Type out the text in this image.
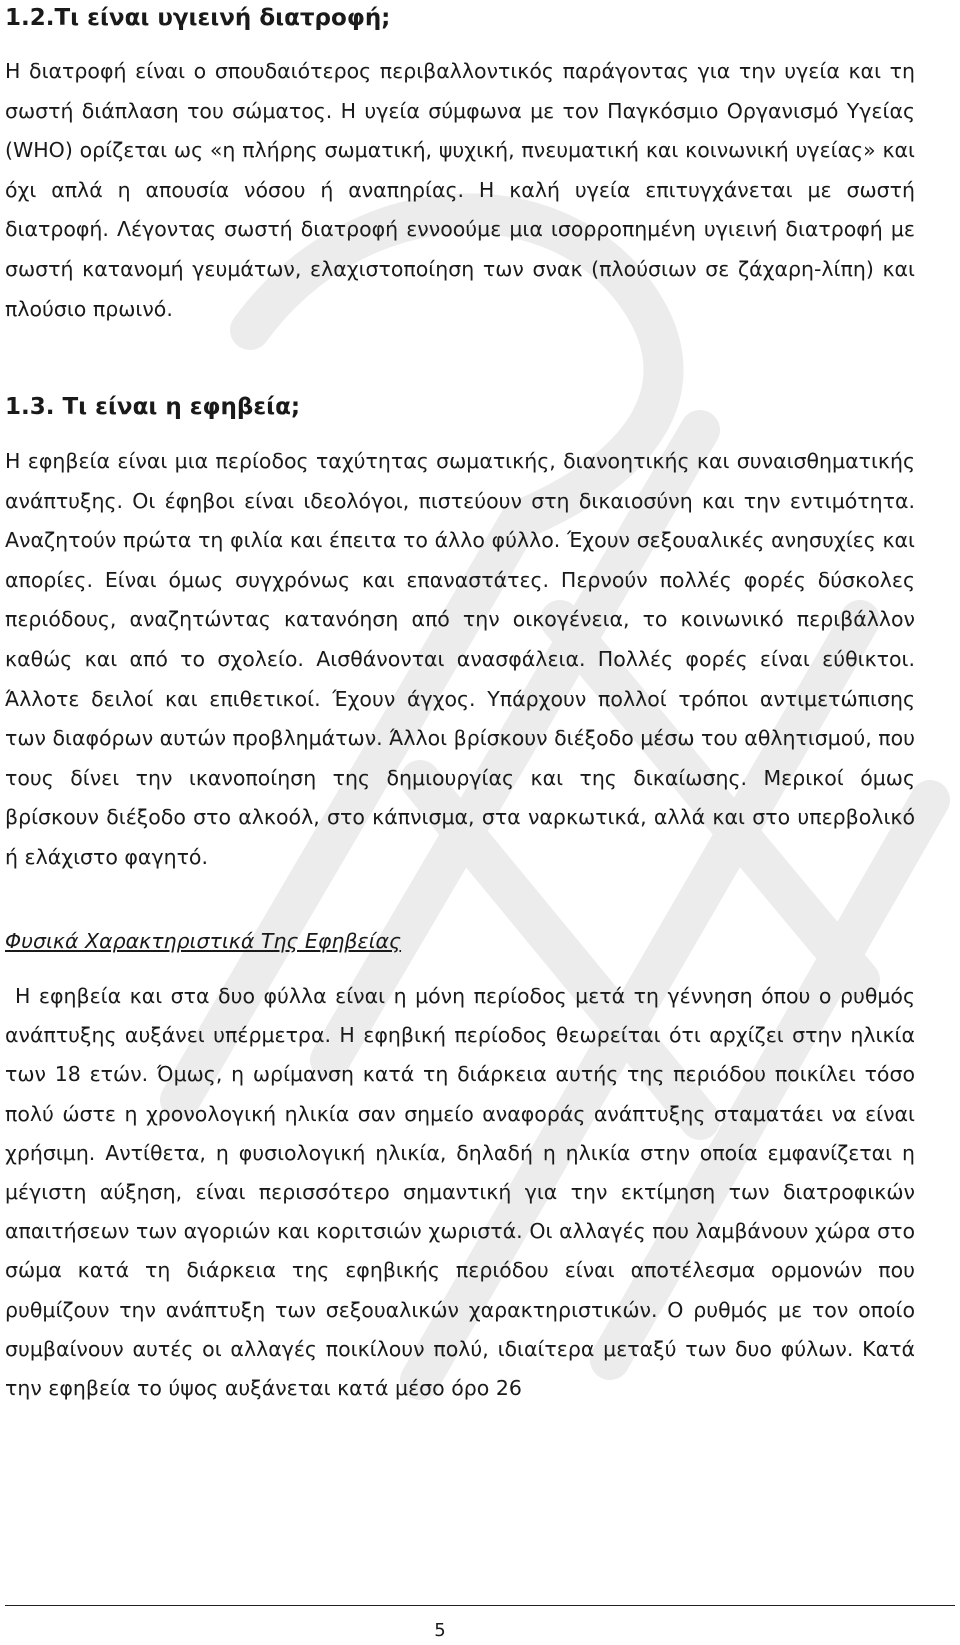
1.2.Τι είναι υγιεινή διατροφή;

Η διατροφή είναι ο σπουδαιότερος περιβαλλοντικός παράγοντας για την υγεία και τη σωστή διάπλαση του σώματος. Η υγεία σύμφωνα με τον Παγκόσμιο Οργανισμό Υγείας (WHO) ορίζεται ως «η πλήρης σωματική, ψυχική, πνευματική και κοινωνική υγείας» και όχι απλά η απουσία νόσου ή αναπηρίας. Η καλή υγεία επιτυγχάνεται με σωστή διατροφή. Λέγοντας σωστή διατροφή εννοούμε μια ισορροπημένη υγιεινή διατροφή με σωστή κατανομή γευμάτων, ελαχιστοποίηση των σνακ (πλούσιων σε ζάχαρη-λίπη) και πλούσιο πρωινό.

1.3. Τι είναι η εφηβεία;

Η εφηβεία είναι μια περίοδος ταχύτητας σωματικής, διανοητικής και συναισθηματικής ανάπτυξης. Οι έφηβοι είναι ιδεολόγοι, πιστεύουν στη δικαιοσύνη και την εντιμότητα. Αναζητούν πρώτα τη φιλία και έπειτα το άλλο φύλλο. Έχουν σεξουαλικές ανησυχίες και απορίες. Είναι όμως συγχρόνως και επαναστάτες. Περνούν πολλές φορές δύσκολες περιόδους, αναζητώντας κατανόηση από την οικογένεια, το κοινωνικό περιβάλλον καθώς και από το σχολείο. Αισθάνονται ανασφάλεια. Πολλές φορές είναι εύθικτοι. Άλλοτε δειλοί και επιθετικοί. Έχουν άγχος. Υπάρχουν πολλοί τρόποι αντιμετώπισης των διαφόρων αυτών προβλημάτων. Άλλοι βρίσκουν διέξοδο μέσω του αθλητισμού, που τους δίνει την ικανοποίηση της δημιουργίας και της δικαίωσης. Μερικοί όμως βρίσκουν διέξοδο στο αλκοόλ, στο κάπνισμα, στα ναρκωτικά, αλλά και στο υπερβολικό ή ελάχιστο φαγητό.

Φυσικά Χαρακτηριστικά Της Εφηβείας

Η εφηβεία και στα δυο φύλλα είναι η μόνη περίοδος μετά τη γέννηση όπου ο ρυθμός ανάπτυξης αυξάνει υπέρμετρα. Η εφηβική περίοδος θεωρείται ότι αρχίζει στην ηλικία των 18 ετών. Όμως, η ωρίμανση κατά τη διάρκεια αυτής της περιόδου ποικίλει τόσο πολύ ώστε η χρονολογική ηλικία σαν σημείο αναφοράς ανάπτυξης σταματάει να είναι χρήσιμη. Αντίθετα, η φυσιολογική ηλικία, δηλαδή η ηλικία στην οποία εμφανίζεται η μέγιστη αύξηση, είναι περισσότερο σημαντική για την εκτίμηση των διατροφικών απαιτήσεων των αγοριών και κοριτσιών χωριστά. Οι αλλαγές που λαμβάνουν χώρα στο σώμα κατά τη διάρκεια της εφηβικής περιόδου είναι αποτέλεσμα ορμονών που ρυθμίζουν την ανάπτυξη των σεξουαλικών χαρακτηριστικών. Ο ρυθμός με τον οποίο συμβαίνουν αυτές οι αλλαγές ποικίλουν πολύ, ιδιαίτερα μεταξύ των δυο φύλων. Κατά την εφηβεία το ύψος αυξάνεται κατά μέσο όρο 26

5
